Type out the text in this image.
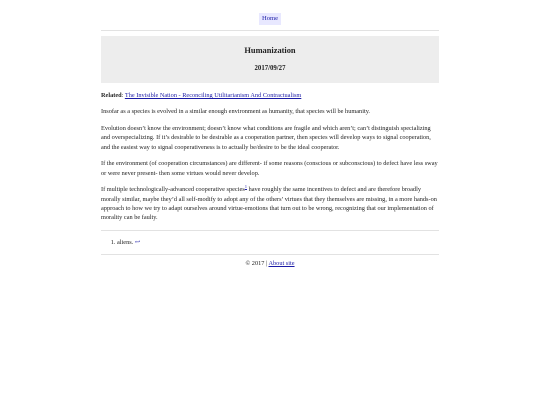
Home
Humanization
2017/09/27

Related: The Invisible Nation - Reconciling Utilitarianism And Contractualism

Insofar as a species is evolved in a similar enough environment as humanity, that species will be humanity.

Evolution doesn’t know the environment; doesn’t know what conditions are fragile and which aren’t; can’t distinguish specializing and overspecializing. If it’s desirable to be desirable as a cooperation partner, then species will develop ways to signal cooperation, and the easiest way to signal cooperativeness is to actually be/desire to be the ideal cooperator.

If the environment (of cooperation circumstances) are different- if some reasons (conscious or subconscious) to defect have less sway or were never present- then some virtues would never develop.

If multiple technologically-advanced cooperative species$^1$ have roughly the same incentives to defect and are therefore broadly morally similar, maybe they’d all self-modify to adopt any of the others’ virtues that they themselves are missing, in a more hands-on approach to how we try to adapt ourselves around virtue-emotions that turn out to be wrong, recognizing that our implementation of morality can be faulty.

1. aliens. ↩
© 2017 | About site
